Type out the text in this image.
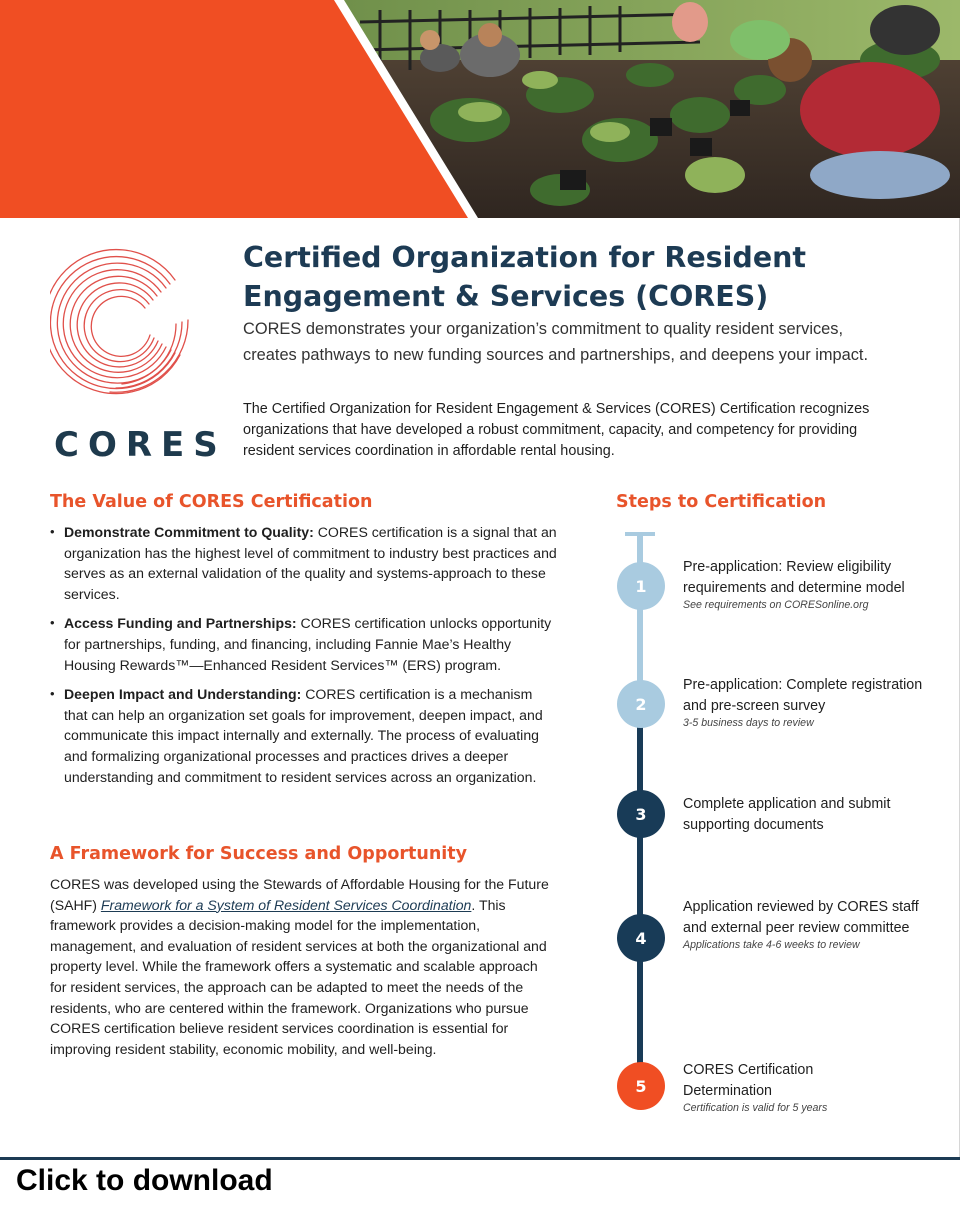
CORES
Certified Organization for Resident
Engagement & Services (CORES)

CORES demonstrates your organization’s commitment to quality resident services, creates pathways to new funding sources and partnerships, and deepens your impact.

The Certified Organization for Resident Engagement & Services (CORES) Certification recognizes organizations that have developed a robust commitment, capacity, and competency for providing resident services coordination in affordable rental housing.

The Value of CORES Certification
• Demonstrate Commitment to Quality: CORES certification is a signal that an organization has the highest level of commitment to industry best practices and serves as an external validation of the quality and systems-approach to these services.
• Access Funding and Partnerships: CORES certification unlocks opportunity for partnerships, funding, and financing, including Fannie Mae’s Healthy Housing Rewards™—Enhanced Resident Services™ (ERS) program.
• Deepen Impact and Understanding: CORES certification is a mechanism that can help an organization set goals for improvement, deepen impact, and communicate this impact internally and externally. The process of evaluating and formalizing organizational processes and practices drives a deeper understanding and commitment to resident services across an organization.
A Framework for Success and Opportunity

CORES was developed using the Stewards of Affordable Housing for the Future (SAHF) Framework for a System of Resident Services Coordination. This framework provides a decision-making model for the implementation, management, and evaluation of resident services at both the organizational and property level. While the framework offers a systematic and scalable approach for resident services, the approach can be adapted to meet the needs of the residents, who are centered within the framework. Organizations who pursue CORES certification believe resident services coordination is essential for improving resident stability, economic mobility, and well-being.

Steps to Certification
1
2
3
4
5
Pre-application: Review eligibility requirements and determine model
See requirements on CORESonline.org
Pre-application: Complete registration and pre-screen survey
3-5 business days to review
Complete application and submit supporting documents
Application reviewed by CORES staff and external peer review committee
Applications take 4-6 weeks to review
CORES Certification Determination
Certification is valid for 5 years
Click to download
